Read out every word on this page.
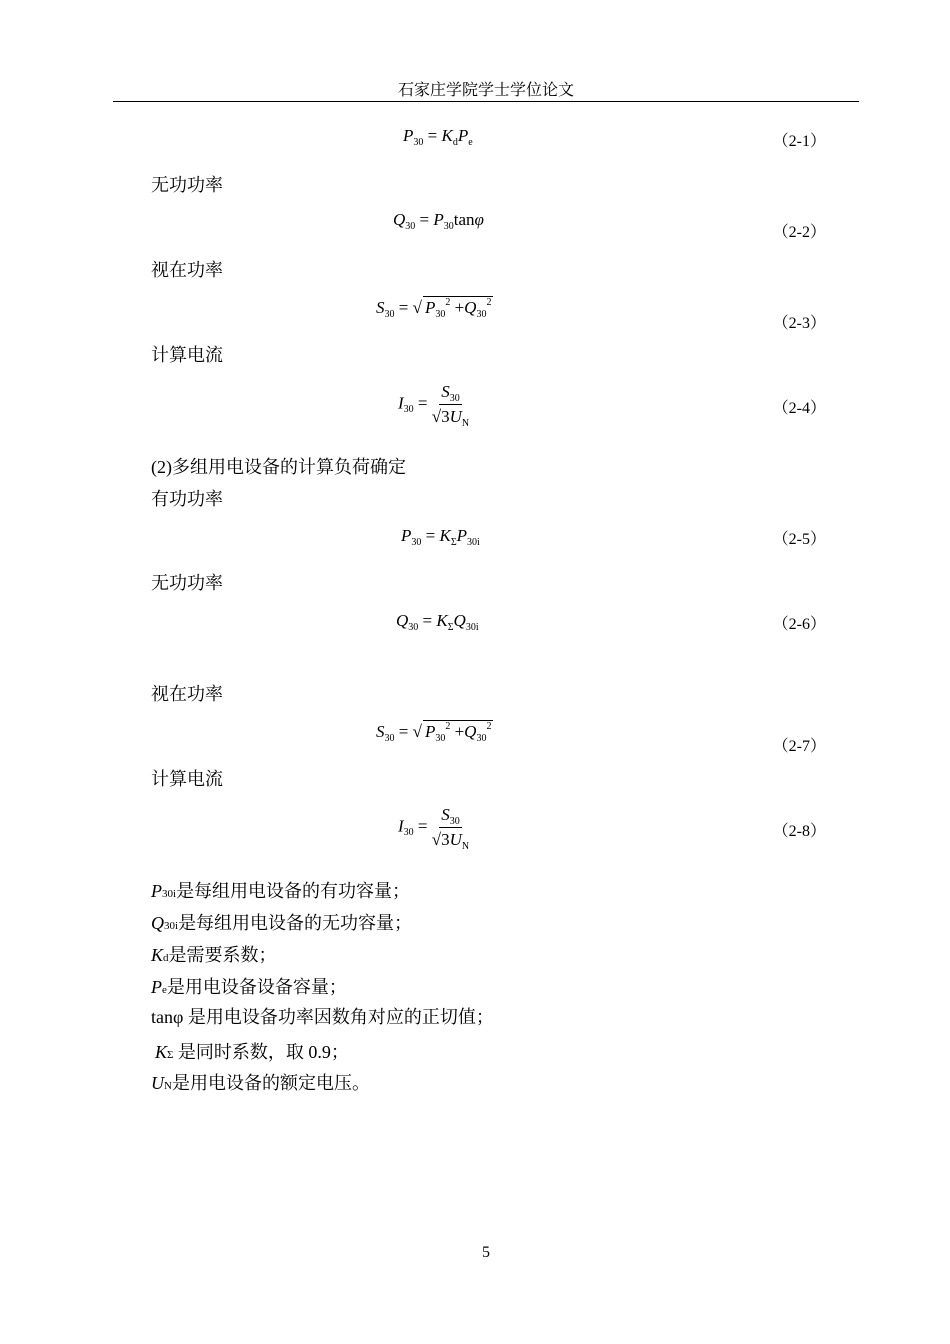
石家庄学院学士学位论文
$P_{30} = K_dP_e$	（2-1）
无功功率
$Q_{30} = P_{30}\tan\varphi$
（2-2）
视在功率
$S_{30}$ = √ $P_{30}^2 +Q_{30}^2$
（2-3）
计算电流
$I_{30} = \frac{S_{30}}{√3U_N}$	（2-4）
(2)多组用电设备的计算负荷确定
有功功率
$P_{30} = K_\Sigma P_{30i}$	（2-5）
无功功率
$Q_{30} = K_\Sigma Q_{30i}$	（2-6）
视在功率
$S_{30}$ = √ $P_{30}^2 +Q_{30}^2$
（2-7）
计算电流
$I_{30} = \frac{S_{30}}{√3U_N}$	（2-8）
P30i是每组用电设备的有功容量；
Q30i是每组用电设备的无功容量；
Kd是需要系数；
Pe是用电设备设备容量；
tanφ 是用电设备功率因数角对应的正切值；
KΣ 是同时系数，取 0.9；
UN是用电设备的额定电压。
5
